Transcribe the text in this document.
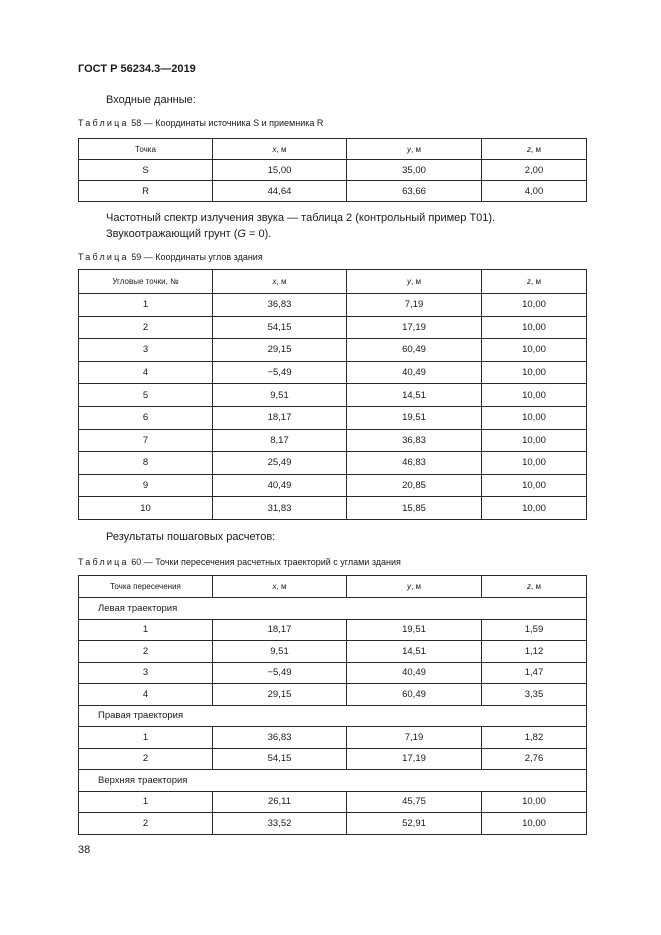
ГОСТ Р 56234.3—2019
Входные данные:
Таблица 58 — Координаты источника S и приемника R
Точка	x, м	y, м	z, м
S	15,00	35,00	2,00
R	44,64	63,66	4,00
Частотный спектр излучения звука — таблица 2 (контрольный пример Т01).
Звукоотражающий грунт (G = 0).
Таблица 59 — Координаты углов здания
Угловые точки, №	x, м	y, м	z, м
1	36,83	7,19	10,00
2	54,15	17,19	10,00
3	29,15	60,49	10,00
4	−5,49	40,49	10,00
5	9,51	14,51	10,00
6	18,17	19,51	10,00
7	8,17	36,83	10,00
8	25,49	46,83	10,00
9	40,49	20,85	10,00
10	31,83	15,85	10,00
Результаты пошаговых расчетов:
Таблица 60 — Точки пересечения расчетных траекторий с углами здания
Точка пересечения	x, м	y, м	z, м
Левая траектория			
1	18,17	19,51	1,59
2	9,51	14,51	1,12
3	−5,49	40,49	1,47
4	29,15	60,49	3,35
Правая траектория			
1	36,83	7,19	1,82
2	54,15	17,19	2,76
Верхняя траектория			
1	26,11	45,75	10,00
2	33,52	52,91	10,00
38
